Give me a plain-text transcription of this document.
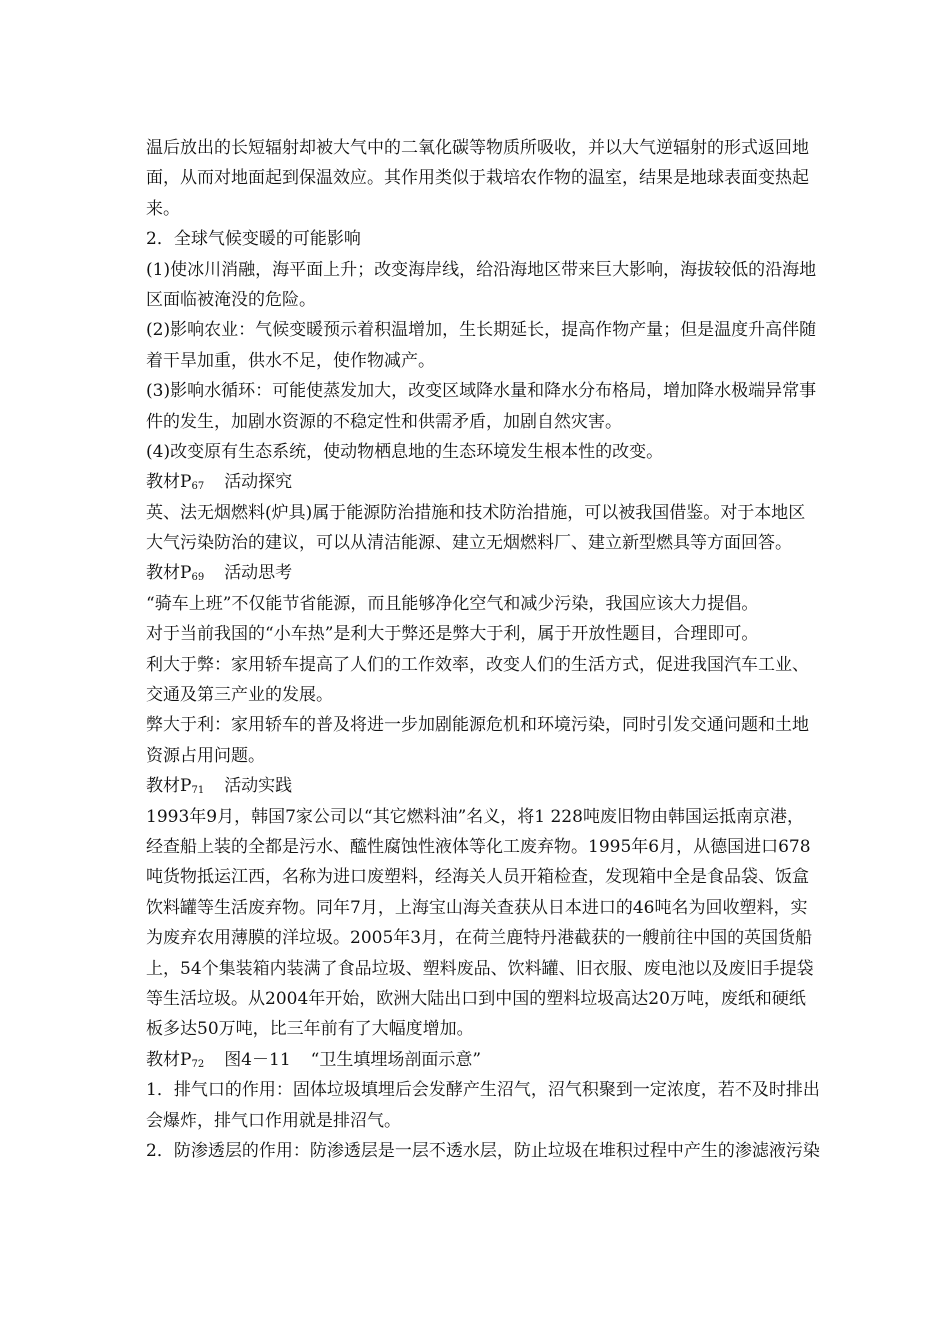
温后放出的长短辐射却被大气中的二氧化碳等物质所吸收，并以大气逆辐射的形式返回地
面，从而对地面起到保温效应。其作用类似于栽培农作物的温室，结果是地球表面变热起
来。
2．全球气候变暖的可能影响
(1)使冰川消融，海平面上升；改变海岸线，给沿海地区带来巨大影响，海拔较低的沿海地
区面临被淹没的危险。
(2)影响农业：气候变暖预示着积温增加，生长期延长，提高作物产量；但是温度升高伴随
着干旱加重，供水不足，使作物减产。
(3)影响水循环：可能使蒸发加大，改变区域降水量和降水分布格局，增加降水极端异常事
件的发生，加剧水资源的不稳定性和供需矛盾，加剧自然灾害。
(4)改变原有生态系统，使动物栖息地的生态环境发生根本性的改变。
教材$P_{67}$ 活动探究
英、法无烟燃料(炉具)属于能源防治措施和技术防治措施，可以被我国借鉴。对于本地区
大气污染防治的建议，可以从清洁能源、建立无烟燃料厂、建立新型燃具等方面回答。
教材$P_{69}$ 活动思考
“骑车上班”不仅能节省能源，而且能够净化空气和减少污染，我国应该大力提倡。
对于当前我国的“小车热”是利大于弊还是弊大于利，属于开放性题目，合理即可。
利大于弊：家用轿车提高了人们的工作效率，改变人们的生活方式，促进我国汽车工业、
交通及第三产业的发展。
弊大于利：家用轿车的普及将进一步加剧能源危机和环境污染，同时引发交通问题和土地
资源占用问题。
教材$P_{71}$ 活动实践
1993年9月，韩国7家公司以“其它燃料油”名义，将1 228吨废旧物由韩国运抵南京港，
经查船上装的全都是污水、醯性腐蚀性液体等化工废弃物。1995年6月，从德国进口678
吨货物抵运江西，名称为进口废塑料，经海关人员开箱检查，发现箱中全是食品袋、饭盒
饮料罐等生活废弃物。同年7月，上海宝山海关查获从日本进口的46吨名为回收塑料，实
为废弃农用薄膜的洋垃圾。2005年3月，在荷兰鹿特丹港截获的一艘前往中国的英国货船
上，54个集装箱内装满了食品垃圾、塑料废品、饮料罐、旧衣服、废电池以及废旧手提袋
等生活垃圾。从2004年开始，欧洲大陆出口到中国的塑料垃圾高达20万吨，废纸和硬纸
板多达50万吨，比三年前有了大幅度增加。
教材$P_{72}$ 图4－11 “卫生填埋场剖面示意”
1．排气口的作用：固体垃圾填埋后会发酵产生沼气，沼气积聚到一定浓度，若不及时排出
会爆炸，排气口作用就是排沼气。
2．防渗透层的作用：防渗透层是一层不透水层，防止垃圾在堆积过程中产生的渗滤液污染
